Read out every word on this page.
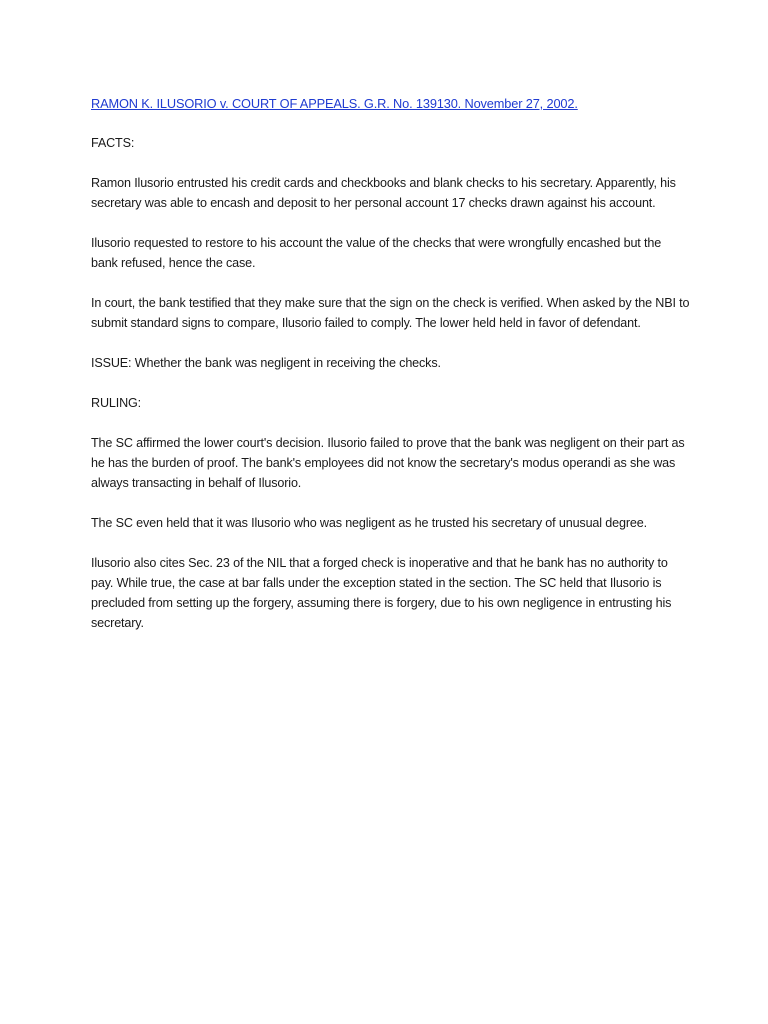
RAMON K. ILUSORIO v. COURT OF APPEALS. G.R. No. 139130. November 27, 2002.
FACTS:

Ramon Ilusorio entrusted his credit cards and checkbooks and blank checks to his secretary. Apparently, his secretary was able to encash and deposit to her personal account 17 checks drawn against his account.

Ilusorio requested to restore to his account the value of the checks that were wrongfully encashed but the bank refused, hence the case.

In court, the bank testified that they make sure that the sign on the check is verified. When asked by the NBI to submit standard signs to compare, Ilusorio failed to comply. The lower held held in favor of defendant.

ISSUE: Whether the bank was negligent in receiving the checks.

RULING:

The SC affirmed the lower court's decision. Ilusorio failed to prove that the bank was negligent on their part as he has the burden of proof. The bank's employees did not know the secretary's modus operandi as she was always transacting in behalf of Ilusorio.

The SC even held that it was Ilusorio who was negligent as he trusted his secretary of unusual degree.

Ilusorio also cites Sec. 23 of the NIL that a forged check is inoperative and that he bank has no authority to pay. While true, the case at bar falls under the exception stated in the section. The SC held that Ilusorio is precluded from setting up the forgery, assuming there is forgery, due to his own negligence in entrusting his secretary.
